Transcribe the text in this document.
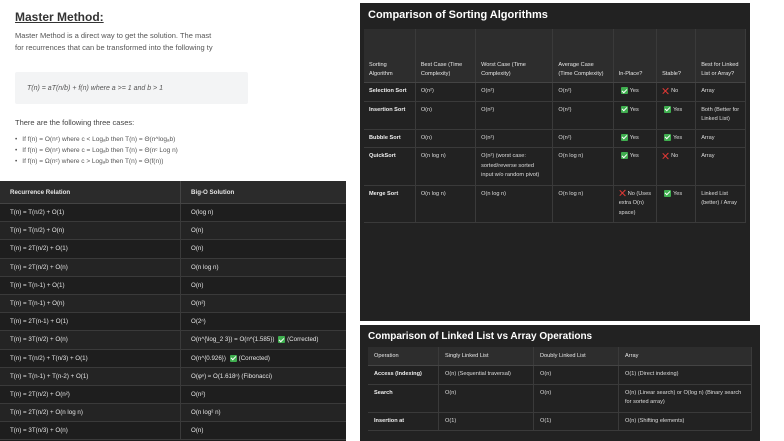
Master Method:
Master Method is a direct way to get the solution. The mast
for recurrences that can be transformed into the following ty
T(n) = aT(n/b) + f(n) where a >= 1 and b > 1
There are the following three cases:
• If f(n) = O(nᶜ) where c < Logₐb then T(n) = Θ(n^logₐb)
• If f(n) = Θ(nᶜ) where c = Logₐb then T(n) = Θ(nᶜ Log n)
• If f(n) = Ω(nᶜ) where c > Logₐb then T(n) = Θ(f(n))
Recurrence Relation	Big-O Solution
T(n) = T(n/2) + O(1)	O(log n)
T(n) = T(n/2) + O(n)	O(n)
T(n) = 2T(n/2) + O(1)	O(n)
T(n) = 2T(n/2) + O(n)	O(n log n)
T(n) = T(n-1) + O(1)	O(n)
T(n) = T(n-1) + O(n)	O(n²)
T(n) = 2T(n-1) + O(1)	O(2ⁿ)
T(n) = 3T(n/2) + O(n)	O(n^{\log_2 3}) = O(n^{1.585}) (Corrected)
T(n) = T(n/2) + T(n/3) + O(1)	O(n^{0.926}) (Corrected)
T(n) = T(n-1) + T(n-2) + O(1)	O(φⁿ) ≈ O(1.618ⁿ) (Fibonacci)
T(n) = 2T(n/2) + O(n²)	O(n²)
T(n) = 2T(n/2) + O(n log n)	O(n log² n)
T(n) = 3T(n/3) + O(n)	O(n)
Comparison of Sorting Algorithms
Sorting Algorithm	Best Case (Time Complexity)	Worst Case (Time Complexity)	Average Case (Time Complexity)	In-Place?	Stable?	Best for Linked List or Array?
Selection Sort	O(n²)	O(n²)	O(n²)	Yes	No	Array
Insertion Sort	O(n)	O(n²)	O(n²)	Yes	Yes	Both (Better for Linked List)
Bubble Sort	O(n)	O(n²)	O(n²)	Yes	Yes	Array
QuickSort	O(n log n)	O(n²) (worst case: sorted/reverse sorted input w/o random pivot)	O(n log n)	Yes	No	Array
Merge Sort	O(n log n)	O(n log n)	O(n log n)	No (Uses extra O(n) space)	Yes	Linked List (better) / Array
Comparison of Linked List vs Array Operations
Operation	Singly Linked List	Doubly Linked List	Array
Access (Indexing)	O(n) (Sequential traversal)	O(n)	O(1) (Direct indexing)
Search	O(n)	O(n)	O(n) (Linear search) or O(log n) (Binary search for sorted array)
Insertion at	O(1)	O(1)	O(n) (Shifting elements)
